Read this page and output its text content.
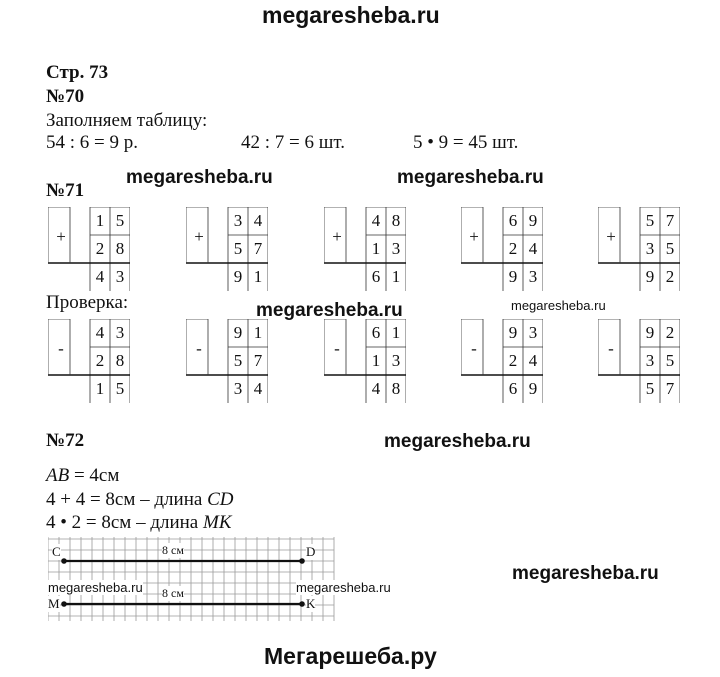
megaresheba.ru
Стр. 73
№70
Заполняем таблицу:
54 : 6 = 9 р.	42 : 7 = 6 шт.	5 • 9 = 45 шт.
№71
megaresheba.ru	megaresheba.ru
+
1 5
2 8
4 3
+
3 4
5 7
9 1
+
4 8
1 3
6 1
+
6 9
2 4
9 3
+
5 7
3 5
9 2
Проверка:	megaresheba.ru	megaresheba.ru
-
4 3
2 8
1 5
-
9 1
5 7
3 4
-
6 1
1 3
4 8
-
9 3
2 4
6 9
-
9 2
3 5
5 7
№72	megaresheba.ru
AB = 4см
4 + 4 = 8см – длина CD
4 • 2 = 8см – длина MK
C	D
8 см
M	K
8 см
megaresheba.ru	megaresheba.ru
megaresheba.ru
Мегарешеба.ру
